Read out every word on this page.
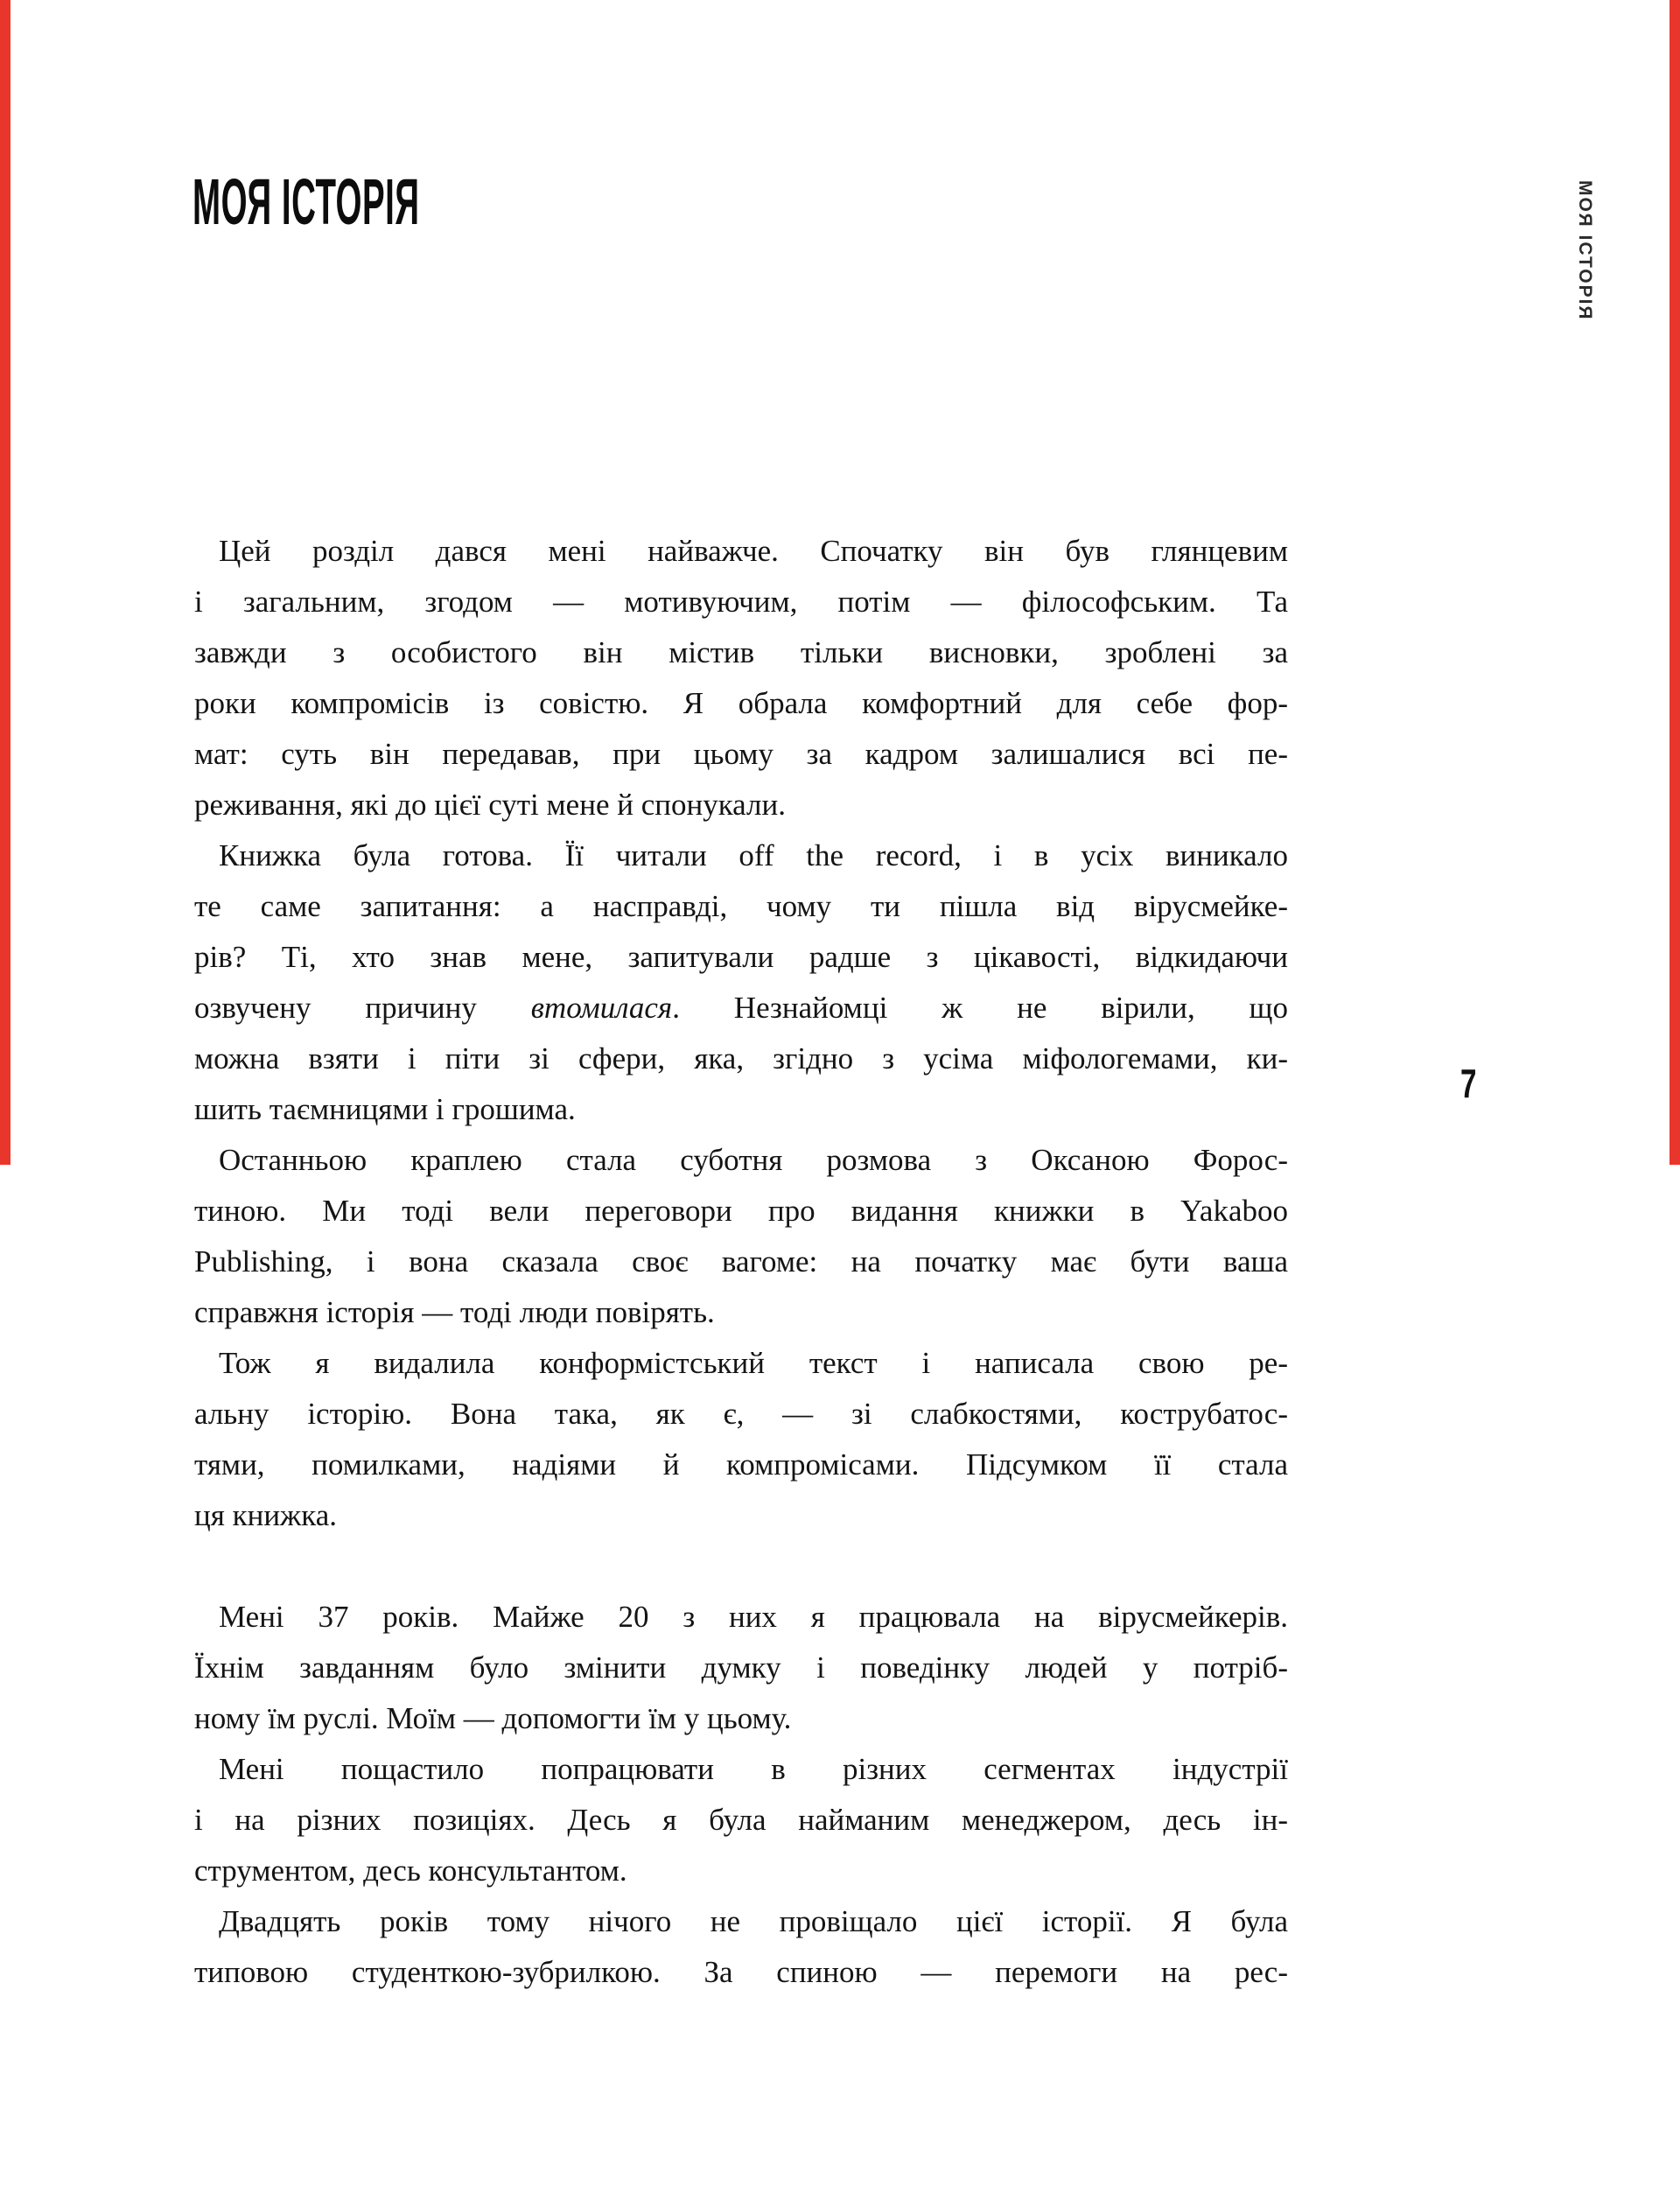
МОЯ ІСТОРІЯ	МОЯ ІСТОРІЯ
7
Цей розділ дався мені найважче. Спочатку він був глянцевим
і загальним, згодом — мотивуючим, потім — філософським. Та
завжди з особистого він містив тільки висновки, зроблені за
роки компромісів із совістю. Я обрала комфортний для себе фор-
мат: суть він передавав, при цьому за кадром залишалися всі пе-
реживання, які до цієї суті мене й спонукали.
Книжка була готова. Її читали off the record, і в усіх виникало
те саме запитання: а насправді, чому ти пішла від вірусмейке-
рів? Ті, хто знав мене, запитували радше з цікавості, відкидаючи
озвучену причину втомилася. Незнайомці ж не вірили, що
можна взяти і піти зі сфери, яка, згідно з усіма міфологемами, ки-
шить таємницями і грошима.
Останньою краплею стала суботня розмова з Оксаною Форос-
тиною. Ми тоді вели переговори про видання книжки в Yakaboo
Publishing, і вона сказала своє вагоме: на початку має бути ваша
справжня історія — тоді люди повірять.
Тож я видалила конформістський текст і написала свою ре-
альну історію. Вона така, як є, — зі слабкостями, кострубатос-
тями, помилками, надіями й компромісами. Підсумком її стала
ця книжка.
Мені 37 років. Майже 20 з них я працювала на вірусмейкерів.
Їхнім завданням було змінити думку і поведінку людей у потріб-
ному їм руслі. Моїм — допомогти їм у цьому.
Мені пощастило попрацювати в різних сегментах індустрії
і на різних позиціях. Десь я була найманим менеджером, десь ін-
струментом, десь консультантом.
Двадцять років тому нічого не провіщало цієї історії. Я була
типовою студенткою-зубрилкою. За спиною — перемоги на рес-
